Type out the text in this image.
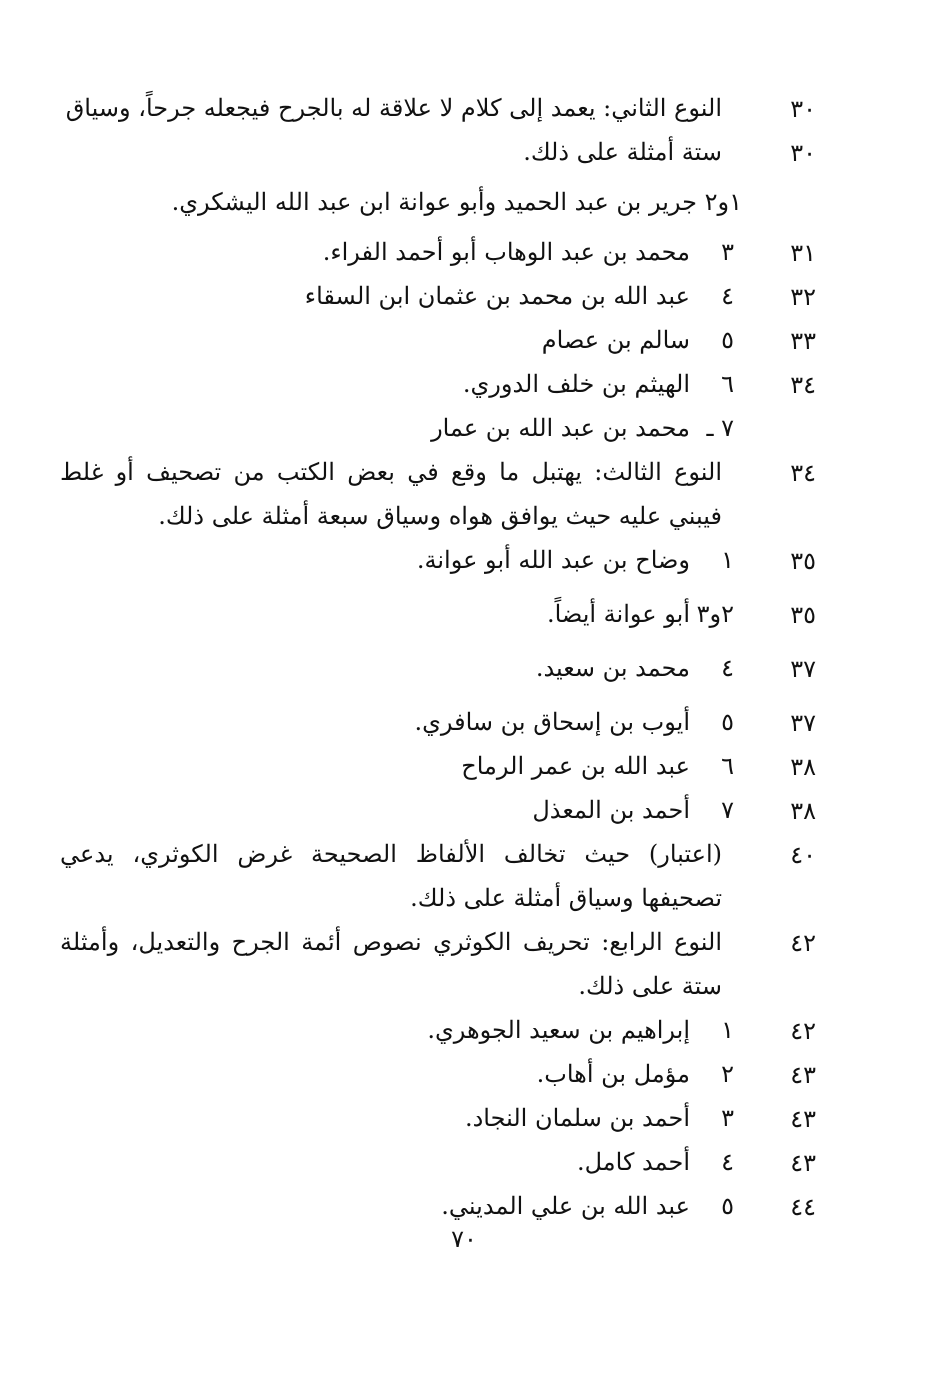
٣٠
النوع الثاني: يعمد إلى كلام لا علاقة له بالجرح فيجعله جرحاً، وسياق
٣٠
ستة أمثلة على ذلك.
١و٢ جرير بن عبد الحميد وأبو عوانة ابن عبد الله اليشكري.
٣١
٣محمد بن عبد الوهاب أبو أحمد الفراء.
٣٢
٤عبد الله بن محمد بن عثمان ابن السقاء
٣٣
٥سالم بن عصام
٣٤
٦الهيثم بن خلف الدوري.
٧ ـمحمد بن عبد الله بن عمار
٣٤
النوع الثالث: يهتبل ما وقع في بعض الكتب من تصحيف أو غلط فيبني عليه حيث يوافق هواه وسياق سبعة أمثلة على ذلك.
٣٥
١وضاح بن عبد الله أبو عوانة.
٣٥
٢و٣أبو عوانة أيضاً.
٣٧
٤محمد بن سعيد.
٣٧
٥أيوب بن إسحاق بن سافري.
٣٨
٦عبد الله بن عمر الرماح
٣٨
٧أحمد بن المعذل
٤٠
(اعتبار) حيث تخالف الألفاظ الصحيحة غرض الكوثري، يدعي تصحيفها وسياق أمثلة على ذلك.
٤٢
النوع الرابع: تحريف الكوثري نصوص أئمة الجرح والتعديل، وأمثلة ستة على ذلك.
٤٢
١إبراهيم بن سعيد الجوهري.
٤٣
٢مؤمل بن أهاب.
٤٣
٣أحمد بن سلمان النجاد.
٤٣
٤أحمد كامل.
٤٤
٥عبد الله بن علي المديني.
٧٠
